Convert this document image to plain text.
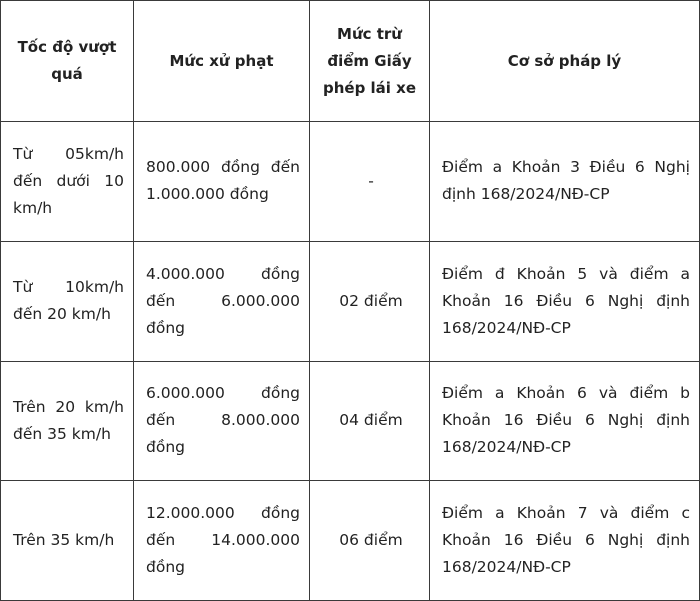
Tốc độ vượt quá	Mức xử phạt	Mức trừ điểm Giấy phép lái xe	Cơ sở pháp lý
Từ 05km/h đến dưới 10 km/h	800.000 đồng đến 1.000.000 đồng	-	Điểm a Khoản 3 Điều 6 Nghị định 168/2024/NĐ-CP
Từ 10km/h đến 20 km/h	4.000.000 đồng đến 6.000.000 đồng	02 điểm	Điểm đ Khoản 5 và điểm a Khoản 16 Điều 6 Nghị định 168/2024/NĐ-CP
Trên 20 km/h đến 35 km/h	6.000.000 đồng đến 8.000.000 đồng	04 điểm	Điểm a Khoản 6 và điểm b Khoản 16 Điều 6 Nghị định 168/2024/NĐ-CP
Trên 35 km/h	12.000.000 đồng đến 14.000.000 đồng	06 điểm	Điểm a Khoản 7 và điểm c Khoản 16 Điều 6 Nghị định 168/2024/NĐ-CP
